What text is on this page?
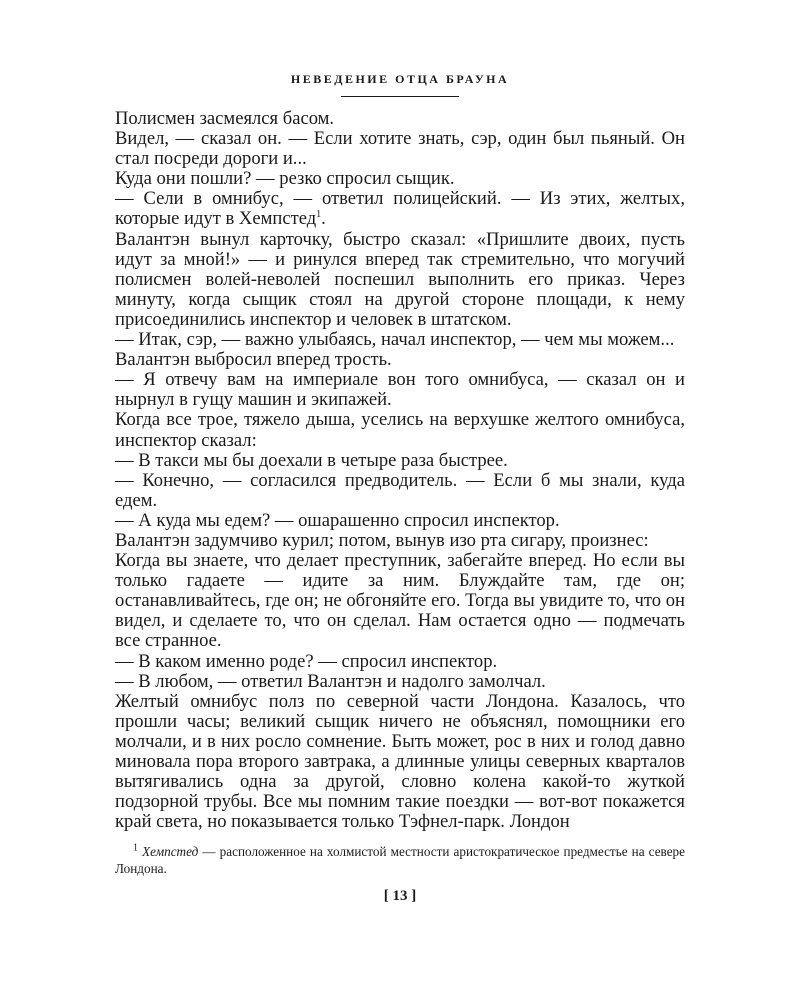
НЕВЕДЕНИЕ ОТЦА БРАУНА

Полисмен засмеялся басом.

Видел, — сказал он. — Если хотите знать, сэр, один был пьяный. Он стал посреди дороги и...

Куда они пошли? — резко спросил сыщик.

— Сели в омнибус, — ответил полицейский. — Из этих, желтых, которые идут в Хемпстед$^1$.

Валантэн вынул карточку, быстро сказал: «Пришлите двоих, пусть идут за мной!» — и ринулся вперед так стремительно, что могучий полисмен волей-неволей поспешил выполнить его приказ. Через минуту, когда сыщик стоял на другой стороне площади, к нему присоединились инспектор и человек в штатском.

— Итак, сэр, — важно улыбаясь, начал инспектор, — чем мы можем...

Валантэн выбросил вперед трость.

— Я отвечу вам на империале вон того омнибуса, — сказал он и нырнул в гущу машин и экипажей.

Когда все трое, тяжело дыша, уселись на верхушке желтого омнибуса, инспектор сказал:

— В такси мы бы доехали в четыре раза быстрее.

— Конечно, — согласился предводитель. — Если б мы знали, куда едем.

— А куда мы едем? — ошарашенно спросил инспектор.

Валантэн задумчиво курил; потом, вынув изо рта сигару, произнес:

Когда вы знаете, что делает преступник, забегайте вперед. Но если вы только гадаете — идите за ним. Блуждайте там, где он; останавливайтесь, где он; не обгоняйте его. Тогда вы увидите то, что он видел, и сделаете то, что он сделал. Нам остается одно — подмечать все странное.

— В каком именно роде? — спросил инспектор.

— В любом, — ответил Валантэн и надолго замолчал.

Желтый омнибус полз по северной части Лондона. Казалось, что прошли часы; великий сыщик ничего не объяснял, помощники его молчали, и в них росло сомнение. Быть может, рос в них и голод давно миновала пора второго завтрака, а длинные улицы северных кварталов вытягивались одна за другой, словно колена какой-то жуткой подзорной трубы. Все мы помним такие поездки — вот-вот покажется край света, но показывается только Тэфнел-парк. Лондон

$^1$ Хемпстед — расположенное на холмистой местности аристократическое предместье на севере Лондона.

[ 13 ]
